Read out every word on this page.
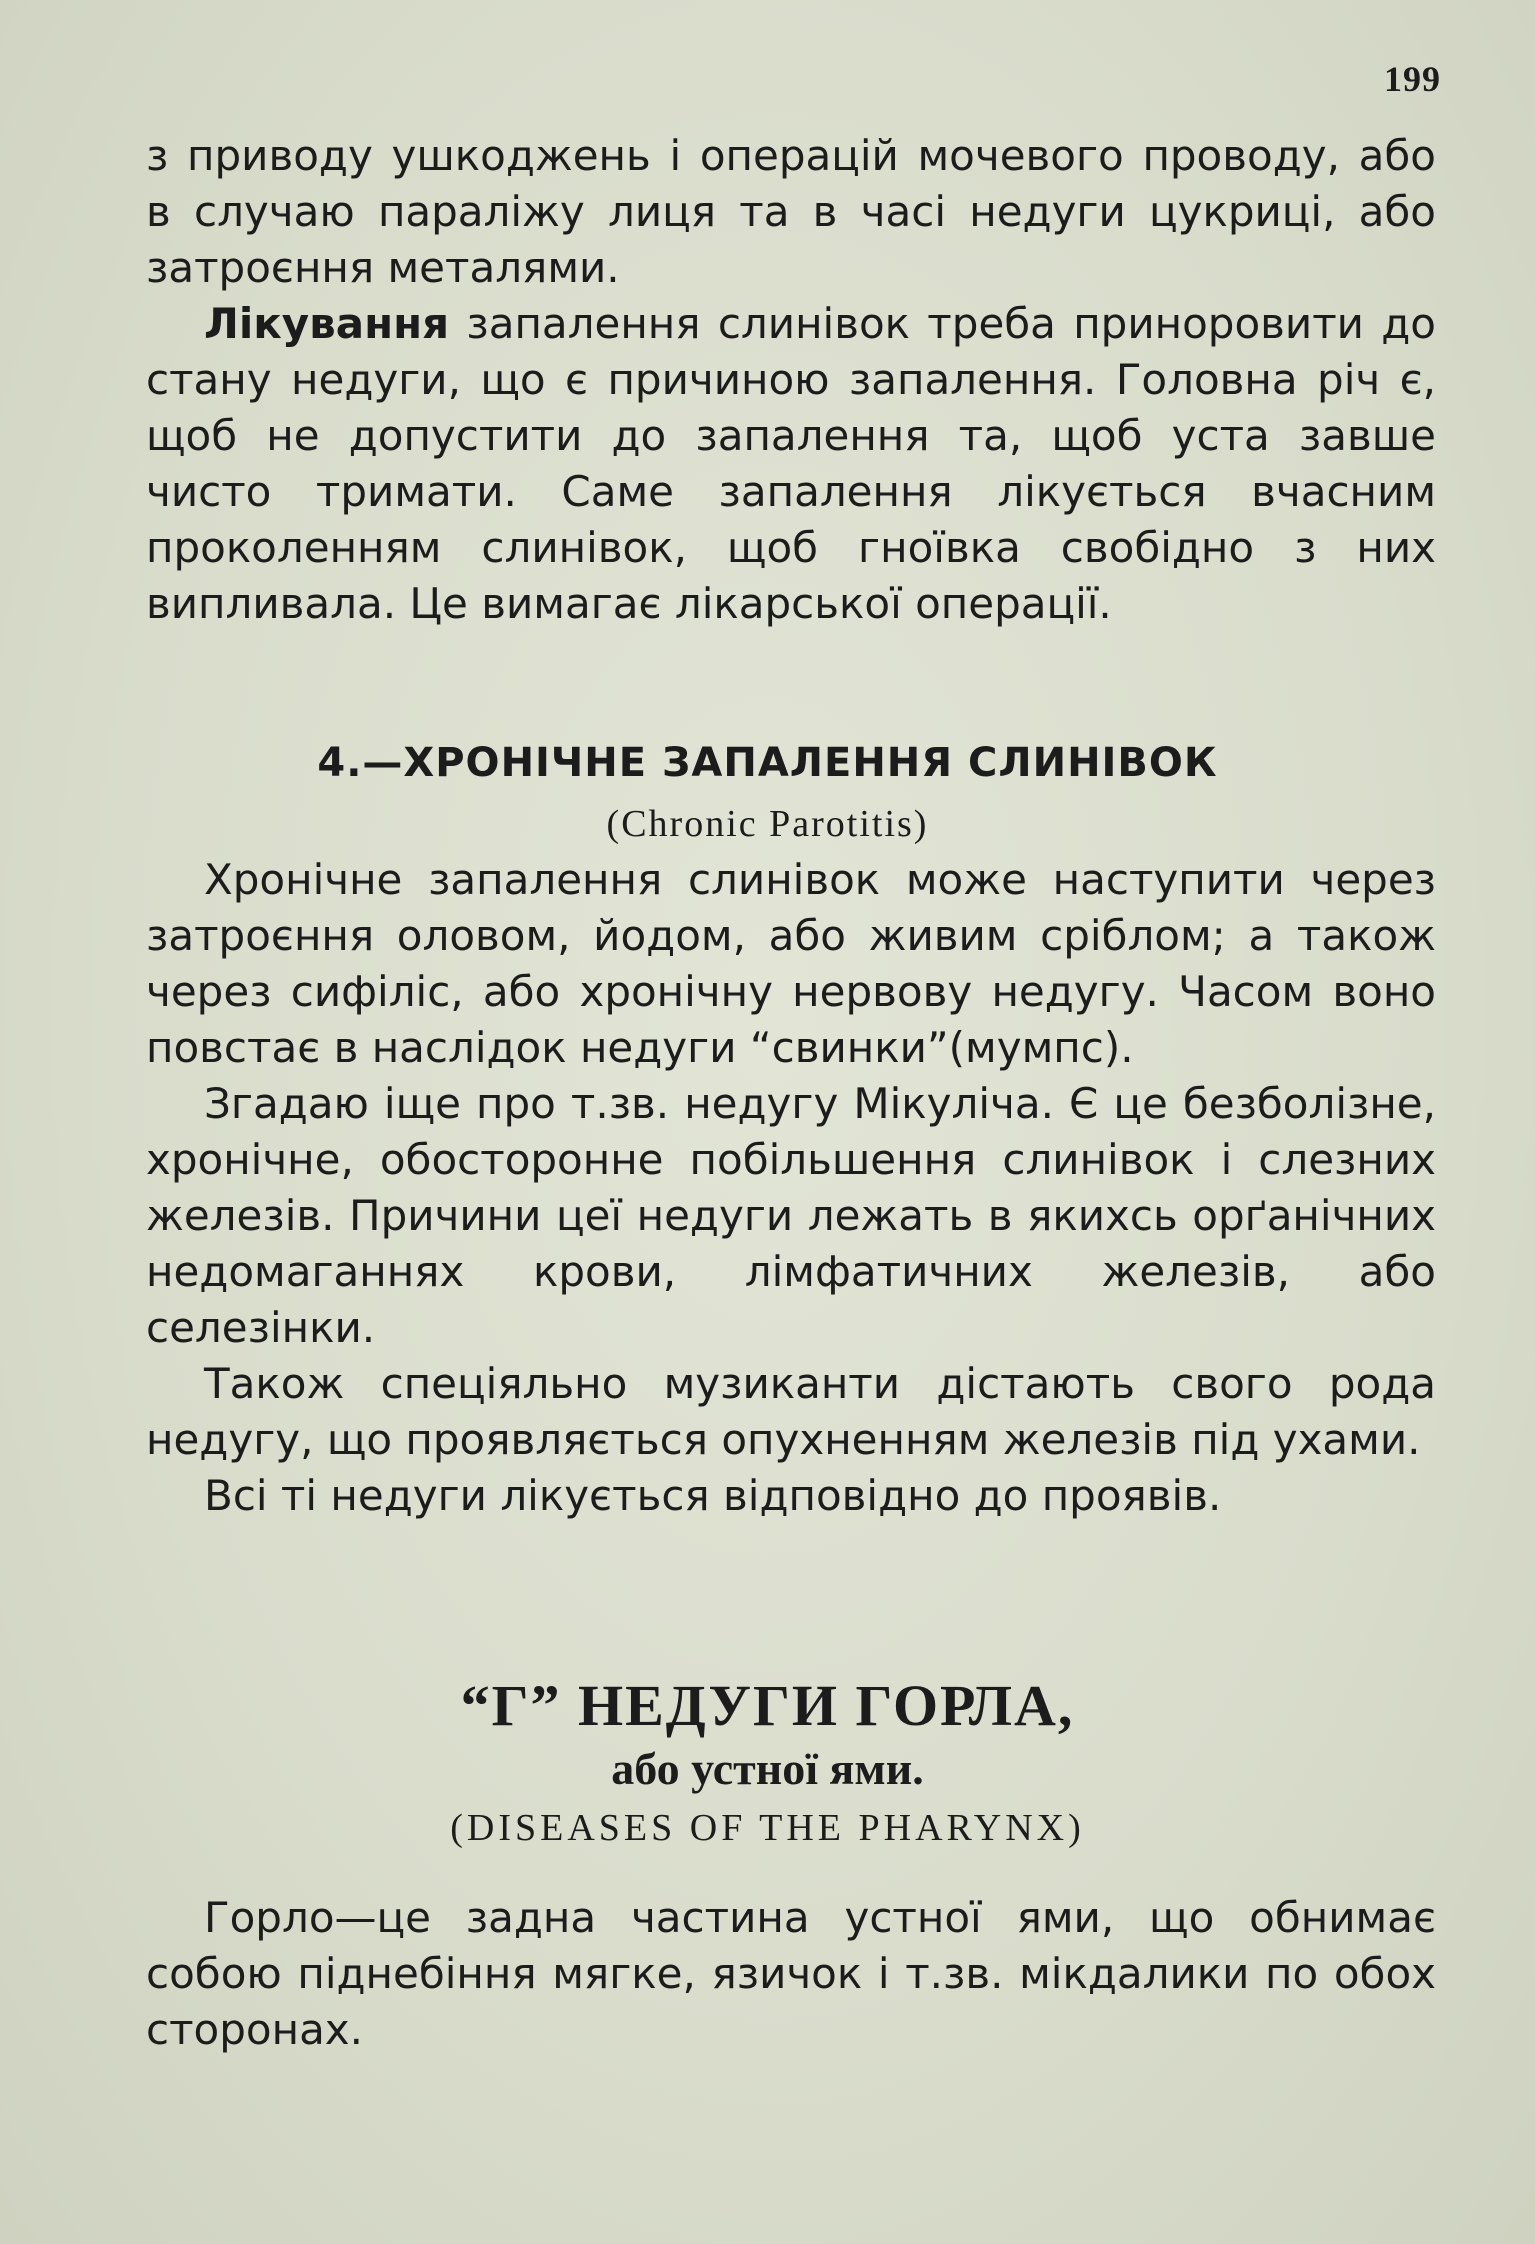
199

з приводу ушкоджень і операцій мочевого проводу, або в случаю параліжу лиця та в часі недуги цукриці, або затроєння металями.

Лікування запалення слинівок треба приноровити до стану недуги, що є причиною запалення. Головна річ є, щоб не допустити до запалення та, щоб уста завше чисто тримати. Саме запалення лікується вчасним проколенням слинівок, щоб гноївка свобідно з них випливала. Це вимагає лікарської операції.

4.—ХРОНІЧНЕ ЗАПАЛЕННЯ СЛИНІВОК
(Chronic Parotitis)

Хронічне запалення слинівок може наступити через затроєння оловом, йодом, або живим сріблом; а також через сифіліс, або хронічну нервову недугу. Часом воно повстає в наслідок недуги “свинки”(мумпс).

Згадаю іще про т.зв. недугу Мікуліча. Є це безболізне, хронічне, обосторонне побільшення слинівок і слезних железів. Причини цеї недуги лежать в якихсь орґанічних недомаганнях крови, лімфатичних железів, або селезінки.

Також спеціяльно музиканти дістають свого рода недугу, що проявляється опухненням железів під ухами.

Всі ті недуги лікується відповідно до проявів.

“Г” НЕДУГИ ГОРЛА,
або устної ями.
(DISEASES OF THE PHARYNX)

Горло—це задна частина устної ями, що обнимає собою піднебіння мягке, язичок і т.зв. мікдалики по обох сторонах.
